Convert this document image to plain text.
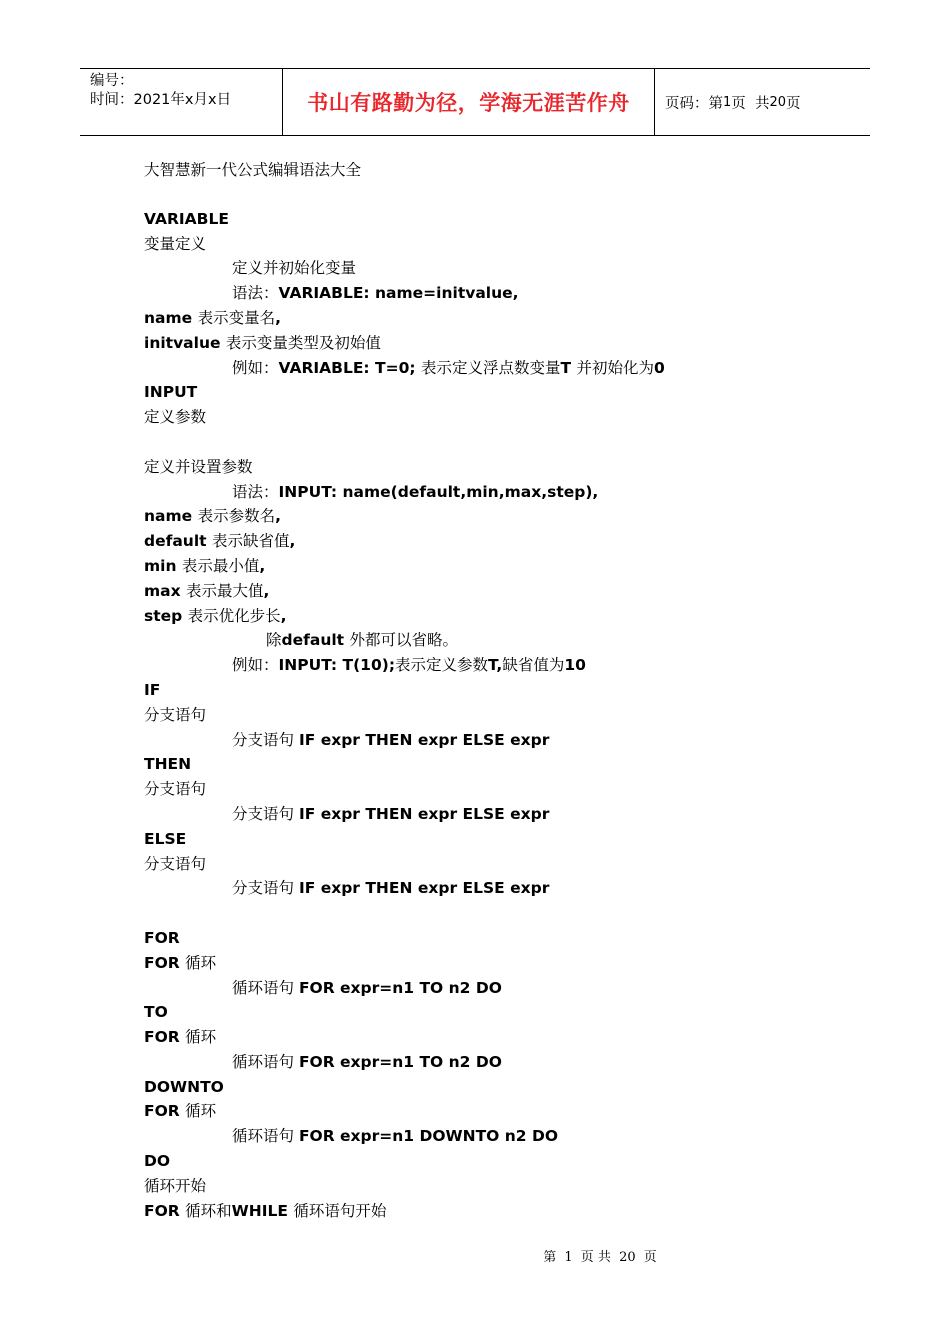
编号：
时间：2021年x月x日	书山有路勤为径，学海无涯苦作舟 页码：第 1 页  共 20 页
大智慧新一代公式编辑语法大全
VARIABLE
变量定义
定义并初始化变量
语法：VARIABLE: name=initvalue,
name 表示变量名,
initvalue 表示变量类型及初始值
例如：VARIABLE: T=0; 表示定义浮点数变量T 并初始化为0
INPUT
定义参数
定义并设置参数
语法：INPUT: name(default,min,max,step),
name 表示参数名,
default 表示缺省值,
min 表示最小值,
max 表示最大值,
step 表示优化步长,
除default 外都可以省略。
例如：INPUT: T(10);表示定义参数T,缺省值为10
IF
分支语句
分支语句 IF expr THEN expr ELSE expr
THEN
分支语句
分支语句 IF expr THEN expr ELSE expr
ELSE
分支语句
分支语句 IF expr THEN expr ELSE expr
FOR
FOR 循环
循环语句 FOR expr=n1 TO n2 DO
TO
FOR 循环
循环语句 FOR expr=n1 TO n2 DO
DOWNTO
FOR 循环
循环语句 FOR expr=n1 DOWNTO n2 DO
DO
循环开始
FOR 循环和WHILE 循环语句开始
第 1 页 共 20 页
